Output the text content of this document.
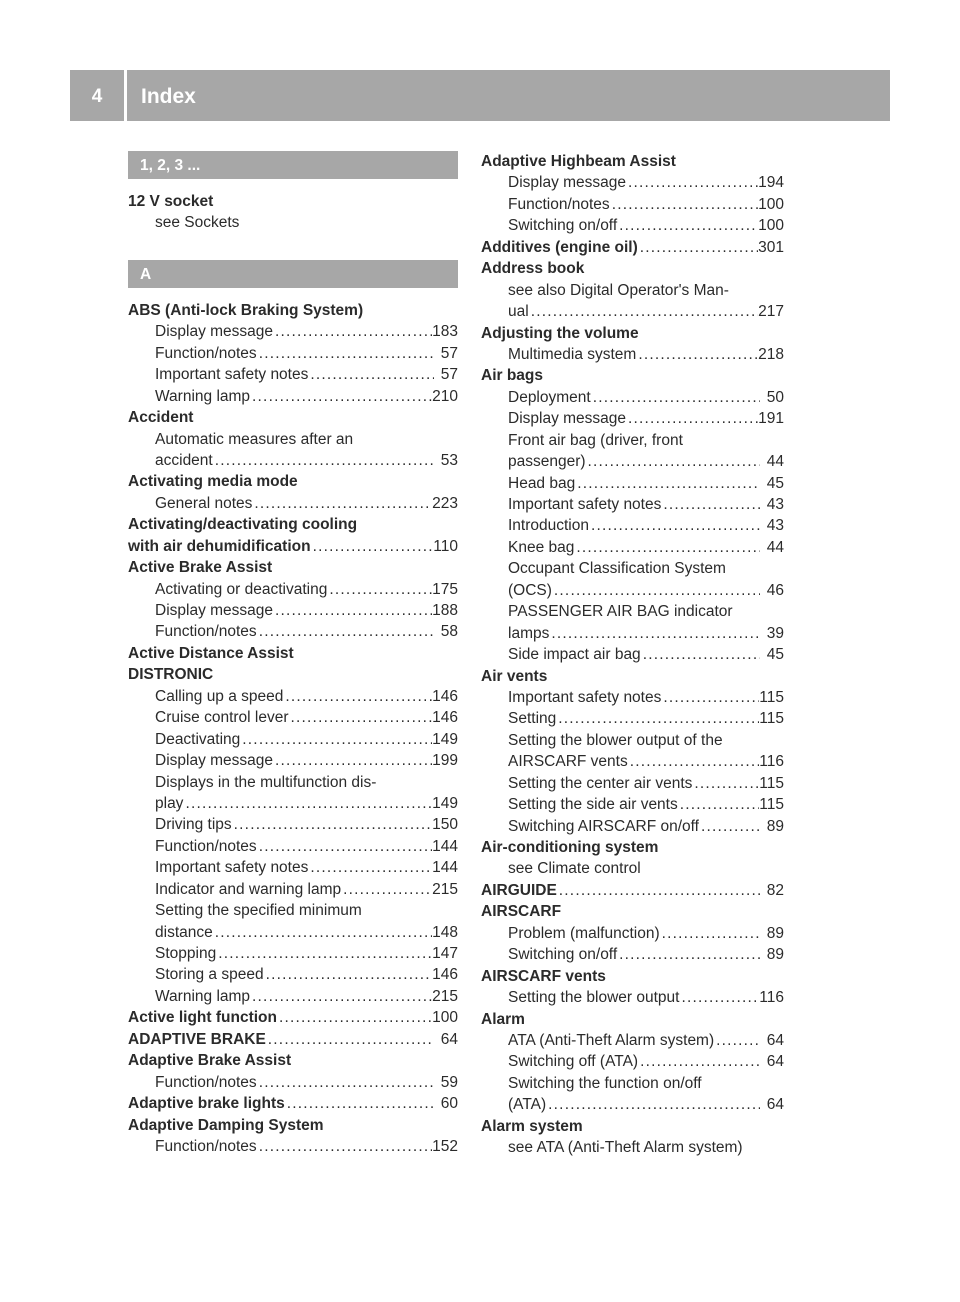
4	Index
1, 2, 3 ...
12 V socket
see Sockets
A
ABS (Anti-lock Braking System)
Display message .....	183
Function/notes .....	57
Important safety notes .....	57
Warning lamp .....	210
Accident
Automatic measures after an
accident .....	53
Activating media mode
General notes .....	223
Activating/deactivating cooling
with air dehumidification .....	110
Active Brake Assist
Activating or deactivating .....	175
Display message .....	188
Function/notes .....	58
Active Distance Assist
DISTRONIC
Calling up a speed .....	146
Cruise control lever .....	146
Deactivating .....	149
Display message .....	199
Displays in the multifunction dis-
play .....	149
Driving tips .....	150
Function/notes .....	144
Important safety notes .....	144
Indicator and warning lamp .....	215
Setting the specified minimum
distance .....	148
Stopping .....	147
Storing a speed .....	146
Warning lamp .....	215
Active light function .....	100
ADAPTIVE BRAKE .....	64
Adaptive Brake Assist
Function/notes .....	59
Adaptive brake lights .....	60
Adaptive Damping System
Function/notes .....	152
Adaptive Highbeam Assist
Display message .....	194
Function/notes .....	100
Switching on/off .....	100
Additives (engine oil) .....	301
Address book
see also Digital Operator's Man-
ual .....	217
Adjusting the volume
Multimedia system .....	218
Air bags
Deployment .....	50
Display message .....	191
Front air bag (driver, front
passenger) .....	44
Head bag .....	45
Important safety notes .....	43
Introduction .....	43
Knee bag .....	44
Occupant Classification System
(OCS) .....	46
PASSENGER AIR BAG indicator
lamps .....	39
Side impact air bag .....	45
Air vents
Important safety notes .....	115
Setting .....	115
Setting the blower output of the
AIRSCARF vents .....	116
Setting the center air vents .....	115
Setting the side air vents .....	115
Switching AIRSCARF on/off .....	89
Air-conditioning system
see Climate control
AIRGUIDE .....	82
AIRSCARF
Problem (malfunction) .....	89
Switching on/off .....	89
AIRSCARF vents
Setting the blower output .....	116
Alarm
ATA (Anti-Theft Alarm system) .....	64
Switching off (ATA) .....	64
Switching the function on/off
(ATA) .....	64
Alarm system
see ATA (Anti-Theft Alarm system)
